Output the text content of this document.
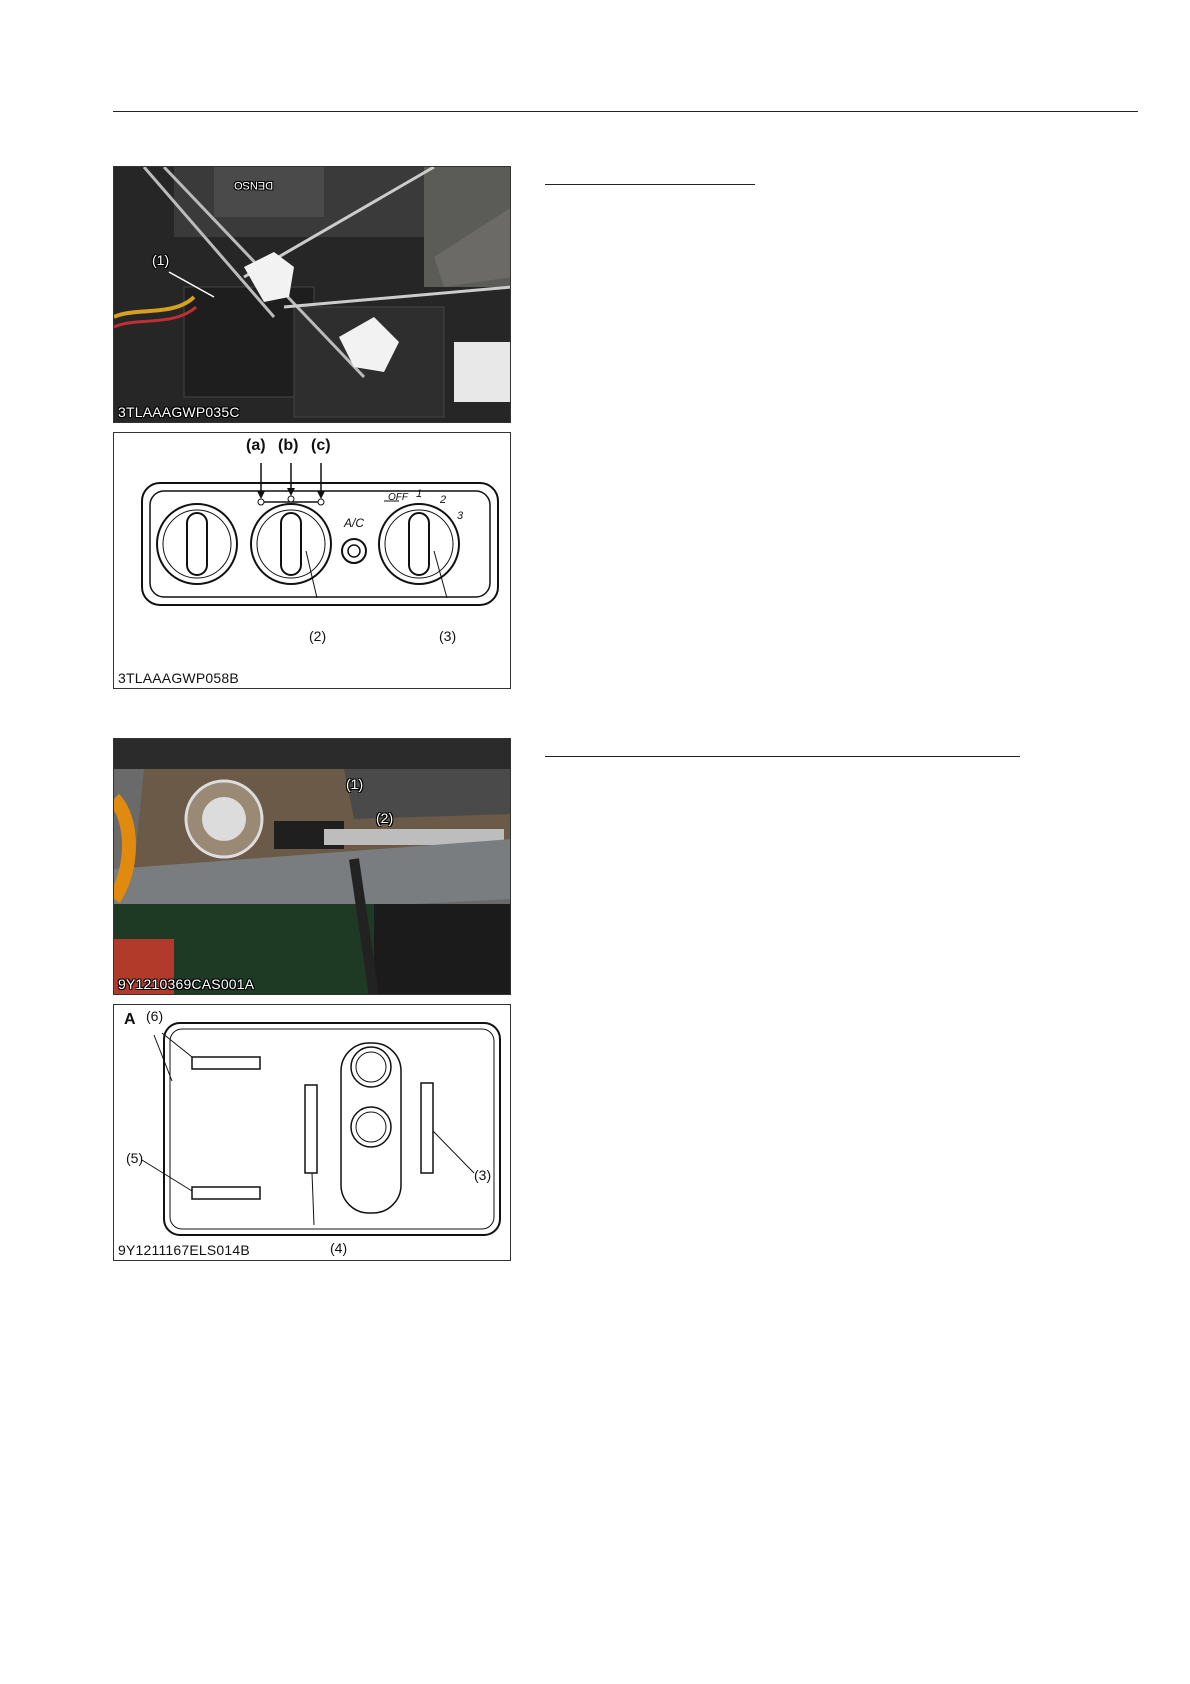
(1)
DENSO
3TLAAAGWP035C
(a) (b) (c)
A/C
OFF 1 2
3
(2)	(3)
3TLAAAGWP058B
(1)
(2)
9Y1210369CAS001A
A (6)
(5)
(3)
(4)
9Y1211167ELS014B
